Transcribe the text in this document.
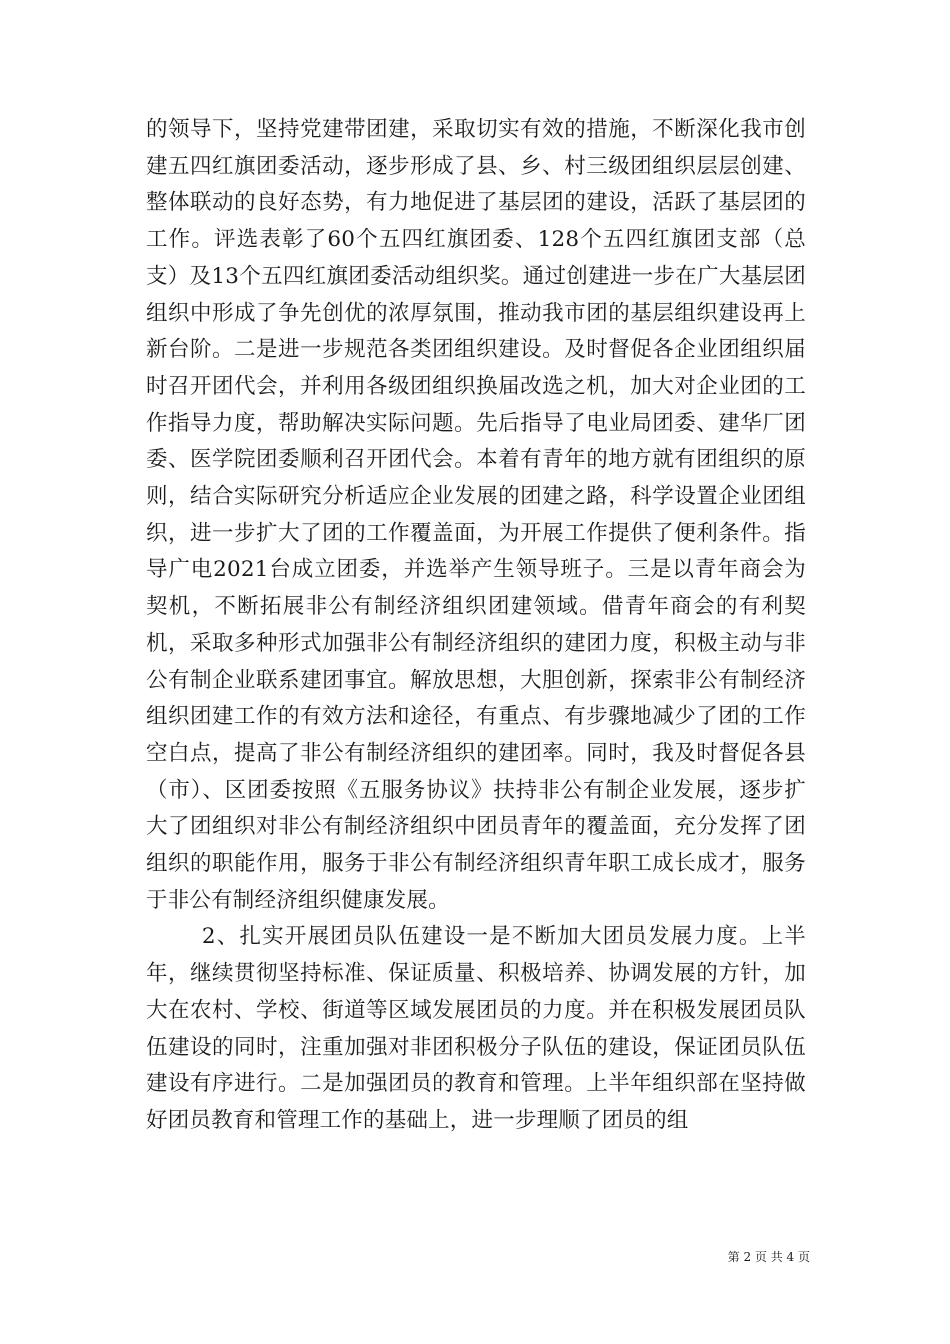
的领导下，坚持党建带团建，采取切实有效的措施，不断深化我市创建五四红旗团委活动，逐步形成了县、乡、村三级团组织层层创建、整体联动的良好态势，有力地促进了基层团的建设，活跃了基层团的工作。评选表彰了60个五四红旗团委、128个五四红旗团支部（总支）及13个五四红旗团委活动组织奖。通过创建进一步在广大基层团组织中形成了争先创优的浓厚氛围，推动我市团的基层组织建设再上新台阶。二是进一步规范各类团组织建设。及时督促各企业团组织届时召开团代会，并利用各级团组织换届改选之机，加大对企业团的工作指导力度，帮助解决实际问题。先后指导了电业局团委、建华厂团委、医学院团委顺利召开团代会。本着有青年的地方就有团组织的原则，结合实际研究分析适应企业发展的团建之路，科学设置企业团组织，进一步扩大了团的工作覆盖面，为开展工作提供了便利条件。指导广电2021台成立团委，并选举产生领导班子。三是以青年商会为契机，不断拓展非公有制经济组织团建领域。借青年商会的有利契机，采取多种形式加强非公有制经济组织的建团力度，积极主动与非公有制企业联系建团事宜。解放思想，大胆创新，探索非公有制经济组织团建工作的有效方法和途径，有重点、有步骤地减少了团的工作空白点，提高了非公有制经济组织的建团率。同时，我及时督促各县（市）、区团委按照《五服务协议》扶持非公有制企业发展，逐步扩大了团组织对非公有制经济组织中团员青年的覆盖面，充分发挥了团组织的职能作用，服务于非公有制经济组织青年职工成长成才，服务于非公有制经济组织健康发展。

2、扎实开展团员队伍建设一是不断加大团员发展力度。上半年，继续贯彻坚持标准、保证质量、积极培养、协调发展的方针，加大在农村、学校、街道等区域发展团员的力度。并在积极发展团员队伍建设的同时，注重加强对非团积极分子队伍的建设，保证团员队伍建设有序进行。二是加强团员的教育和管理。上半年组织部在坚持做好团员教育和管理工作的基础上，进一步理顺了团员的组

第 2 页 共 4 页
